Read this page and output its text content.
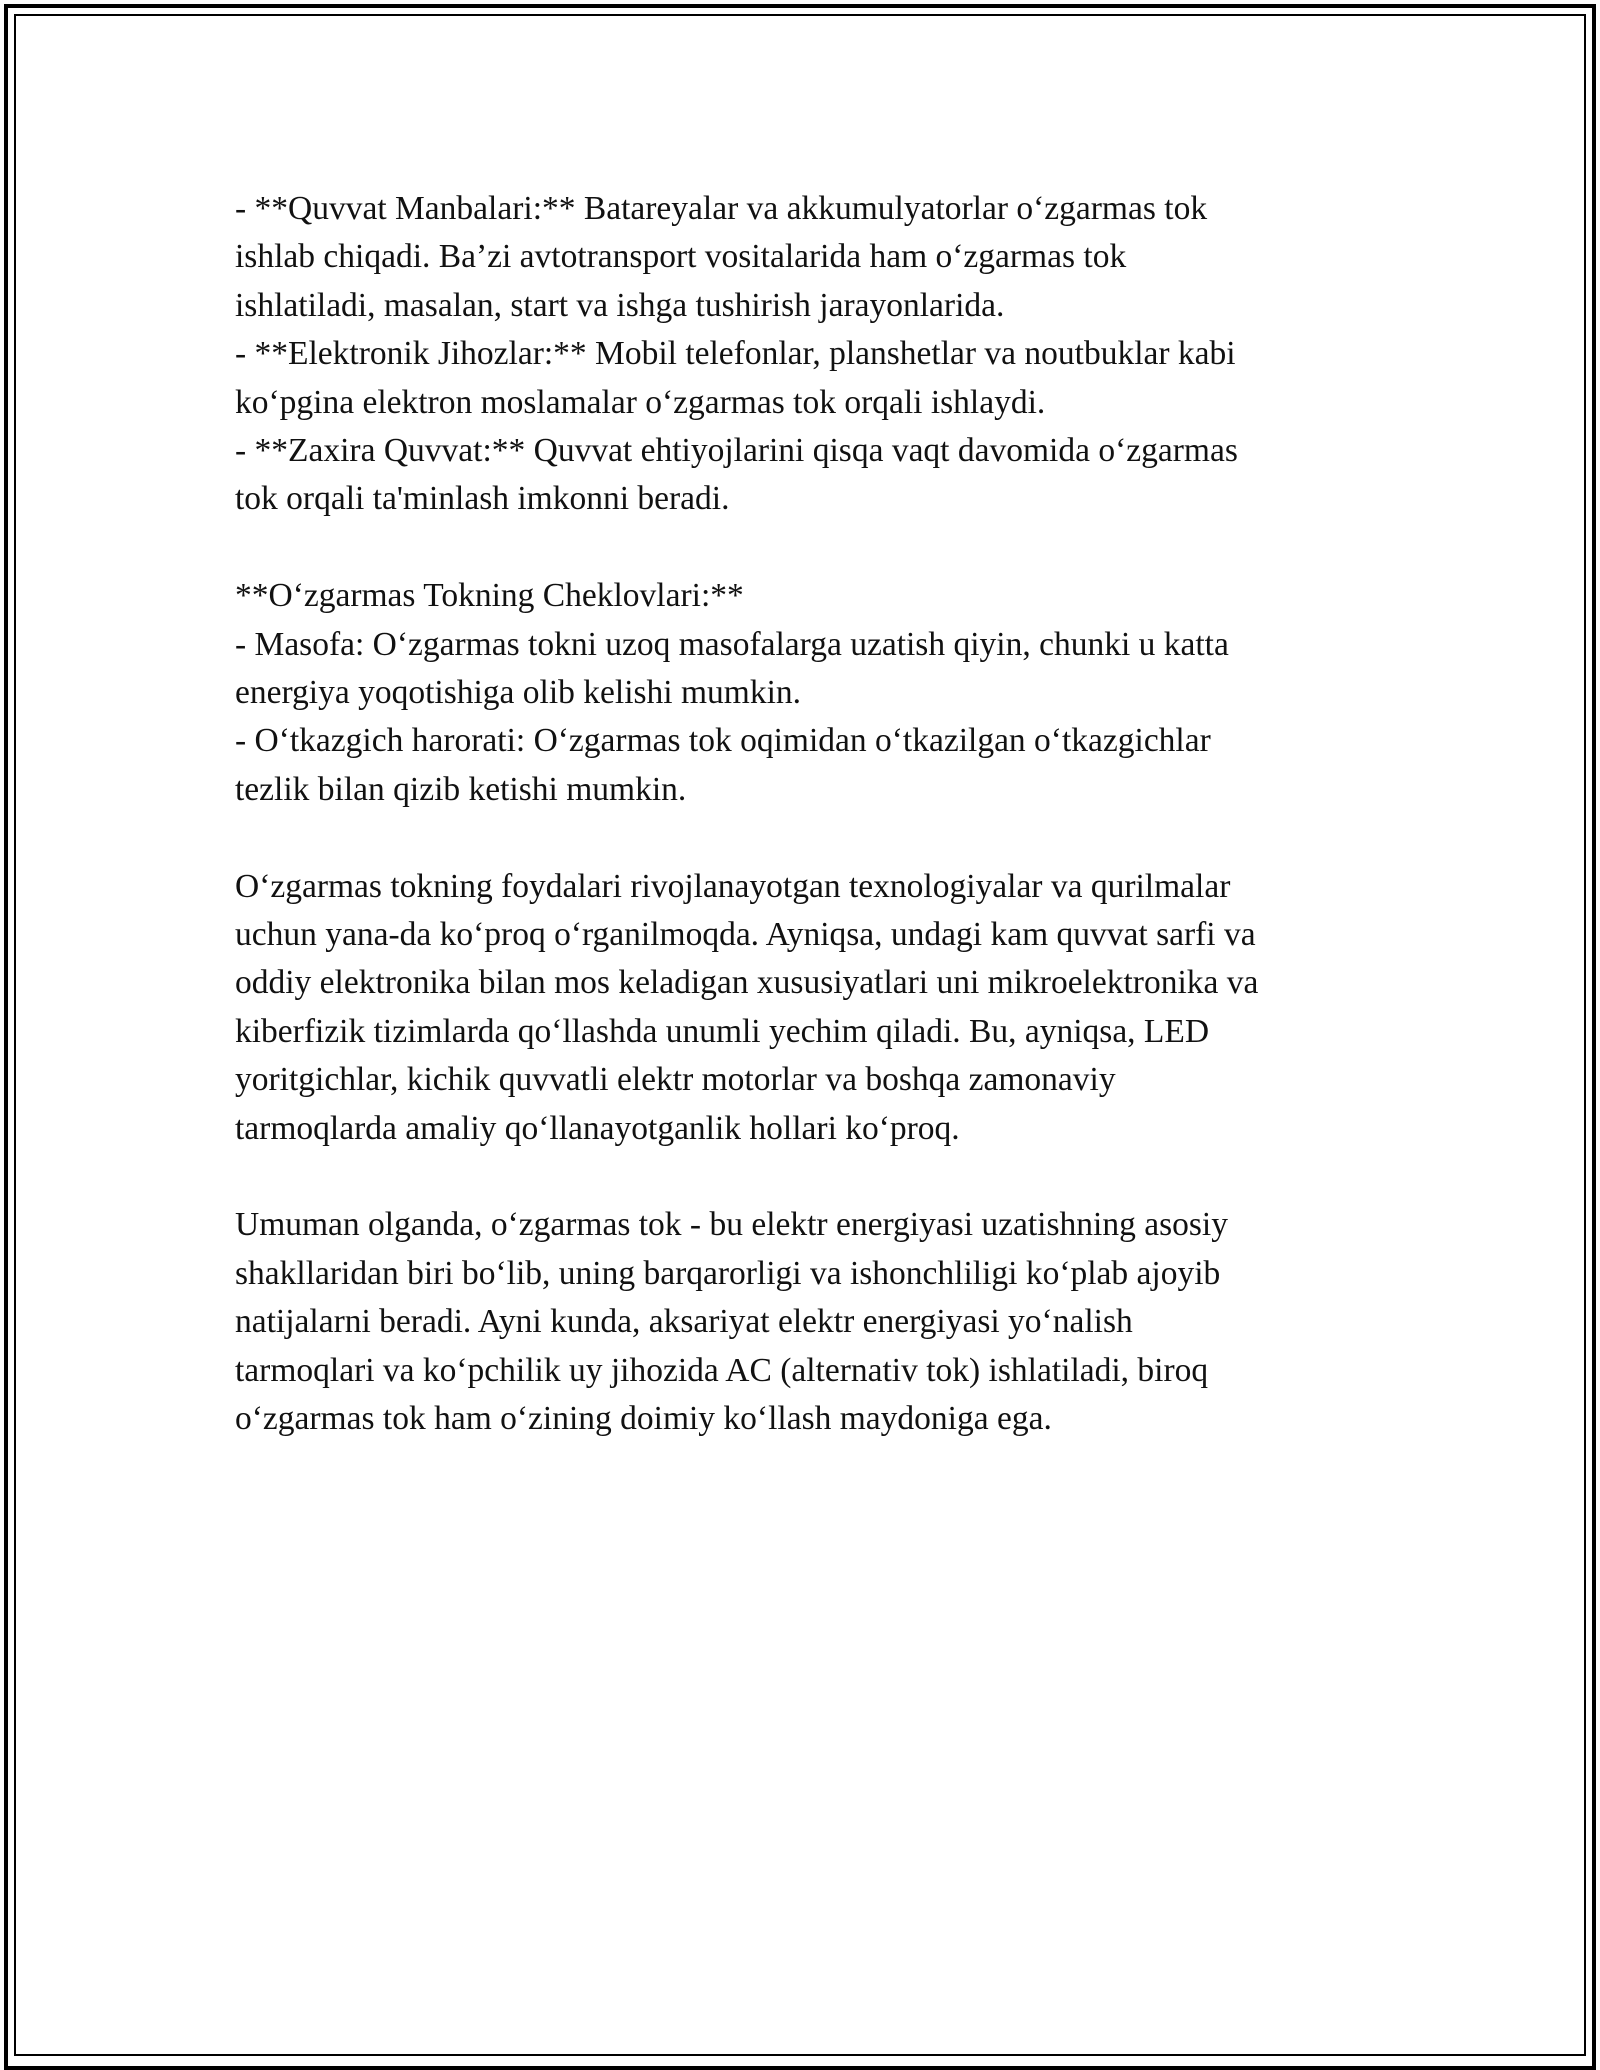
- **Quvvat Manbalari:** Batareyalar va akkumulyatorlar oʻzgarmas tok

ishlab chiqadi. Ba’zi avtotransport vositalarida ham oʻzgarmas tok

ishlatiladi, masalan, start va ishga tushirish jarayonlarida.

- **Elektronik Jihozlar:** Mobil telefonlar, planshetlar va noutbuklar kabi

koʻpgina elektron moslamalar oʻzgarmas tok orqali ishlaydi.

- **Zaxira Quvvat:** Quvvat ehtiyojlarini qisqa vaqt davomida oʻzgarmas

tok orqali ta'minlash imkonni beradi.

**Oʻzgarmas Tokning Cheklovlari:**

- Masofa: Oʻzgarmas tokni uzoq masofalarga uzatish qiyin, chunki u katta

energiya yoqotishiga olib kelishi mumkin.

- Oʻtkazgich harorati: Oʻzgarmas tok oqimidan oʻtkazilgan oʻtkazgichlar

tezlik bilan qizib ketishi mumkin.

Oʻzgarmas tokning foydalari rivojlanayotgan texnologiyalar va qurilmalar

uchun yana-da koʻproq oʻrganilmoqda. Ayniqsa, undagi kam quvvat sarfi va

oddiy elektronika bilan mos keladigan xususiyatlari uni mikroelektronika va

kiberfizik tizimlarda qoʻllashda unumli yechim qiladi. Bu, ayniqsa, LED

yoritgichlar, kichik quvvatli elektr motorlar va boshqa zamonaviy

tarmoqlarda amaliy qoʻllanayotganlik hollari koʻproq.

Umuman olganda, oʻzgarmas tok - bu elektr energiyasi uzatishning asosiy

shakllaridan biri boʻlib, uning barqarorligi va ishonchliligi koʻplab ajoyib

natijalarni beradi. Ayni kunda, aksariyat elektr energiyasi yoʻnalish

tarmoqlari va koʻpchilik uy jihozida AC (alternativ tok) ishlatiladi, biroq

oʻzgarmas tok ham oʻzining doimiy koʻllash maydoniga ega.
